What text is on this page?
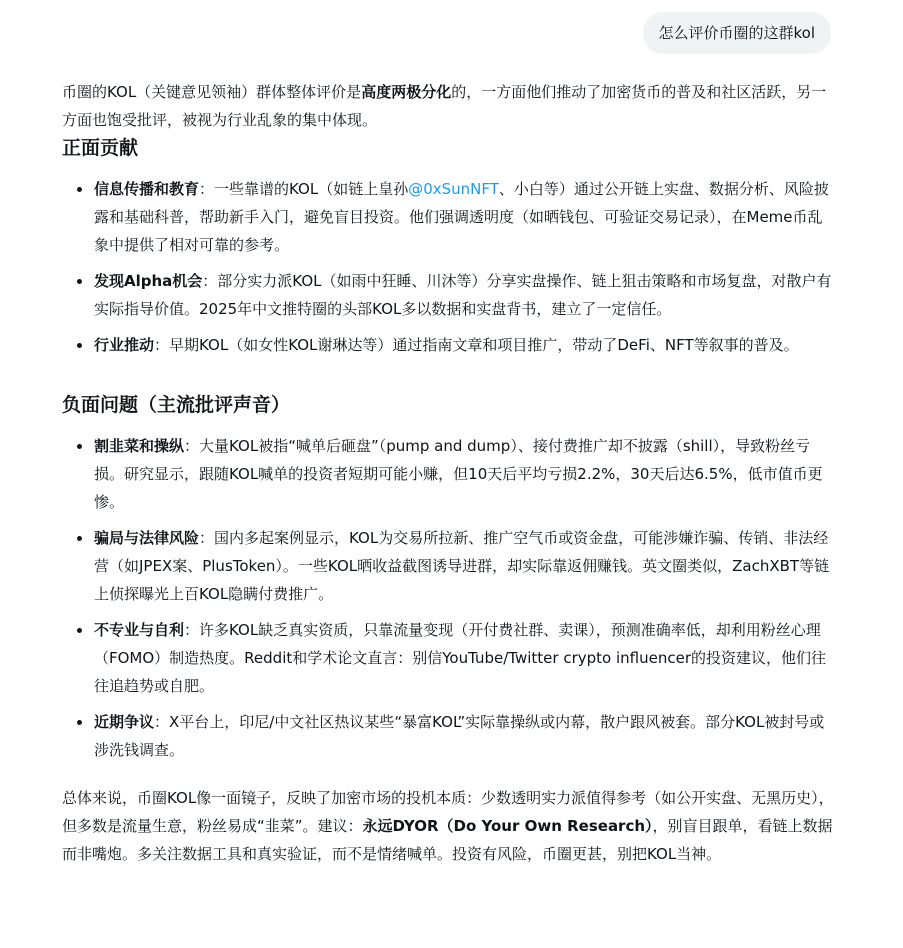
怎么评价币圈的这群kol

币圈的KOL（关键意见领袖）群体整体评价是高度两极分化的，一方面他们推动了加密货币的普及和社区活跃，另一方面也饱受批评，被视为行业乱象的集中体现。

正面贡献
信息传播和教育：一些靠谱的KOL（如链上皇孙@0xSunNFT、小白等）通过公开链上实盘、数据分析、风险披露和基础科普，帮助新手入门，避免盲目投资。他们强调透明度（如晒钱包、可验证交易记录），在Meme币乱象中提供了相对可靠的参考。
发现Alpha机会：部分实力派KOL（如雨中狂睡、川沐等）分享实盘操作、链上狙击策略和市场复盘，对散户有实际指导价值。2025年中文推特圈的头部KOL多以数据和实盘背书，建立了一定信任。
行业推动：早期KOL（如女性KOL谢琳达等）通过指南文章和项目推广，带动了DeFi、NFT等叙事的普及。
负面问题（主流批评声音）
割韭菜和操纵：大量KOL被指“喊单后砸盘”（pump and dump）、接付费推广却不披露（shill），导致粉丝亏损。研究显示，跟随KOL喊单的投资者短期可能小赚，但10天后平均亏损2.2%，30天后达6.5%，低市值币更惨。
骗局与法律风险：国内多起案例显示，KOL为交易所拉新、推广空气币或资金盘，可能涉嫌诈骗、传销、非法经营（如JPEX案、PlusToken）。一些KOL晒收益截图诱导进群，却实际靠返佣赚钱。英文圈类似，ZachXBT等链上侦探曝光上百KOL隐瞒付费推广。
不专业与自利：许多KOL缺乏真实资质，只靠流量变现（开付费社群、卖课），预测准确率低，却利用粉丝心理（FOMO）制造热度。Reddit和学术论文直言：别信YouTube/Twitter crypto influencer的投资建议，他们往往追趋势或自肥。
近期争议：X平台上，印尼/中文社区热议某些“暴富KOL”实际靠操纵或内幕，散户跟风被套。部分KOL被封号或涉洗钱调查。

总体来说，币圈KOL像一面镜子，反映了加密市场的投机本质：少数透明实力派值得参考（如公开实盘、无黑历史），但多数是流量生意，粉丝易成“韭菜”。建议：永远DYOR（Do Your Own Research），别盲目跟单，看链上数据而非嘴炮。多关注数据工具和真实验证，而不是情绪喊单。投资有风险，币圈更甚，别把KOL当神。
